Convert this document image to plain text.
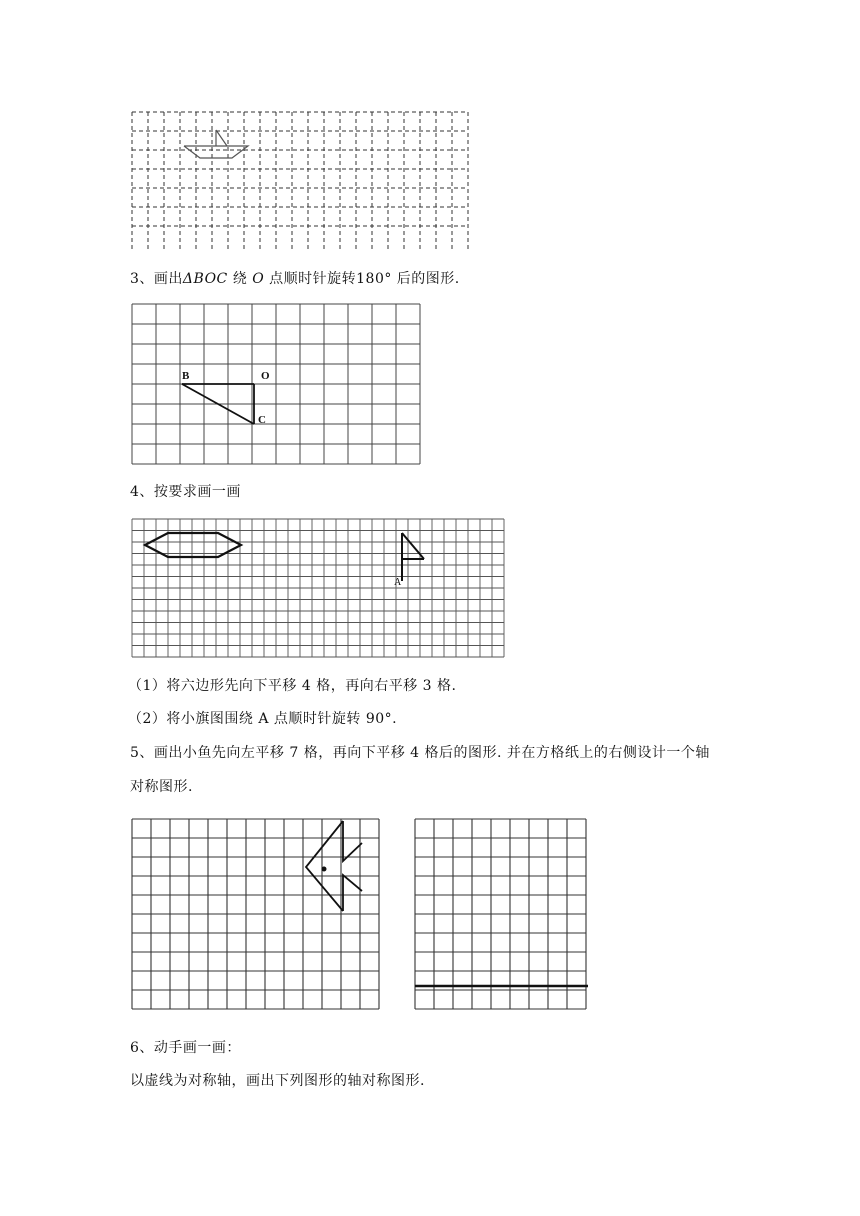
3、画出ΔBOC 绕 O 点顺时针旋转180° 后的图形.
B	O
C
4、按要求画一画
A
（1）将六边形先向下平移 4 格，再向右平移 3 格.
（2）将小旗图围绕 A 点顺时针旋转 90°.
5、画出小鱼先向左平移 7 格，再向下平移 4 格后的图形. 并在方格纸上的右侧设计一个轴
对称图形.
6、动手画一画：
以虚线为对称轴，画出下列图形的轴对称图形.
